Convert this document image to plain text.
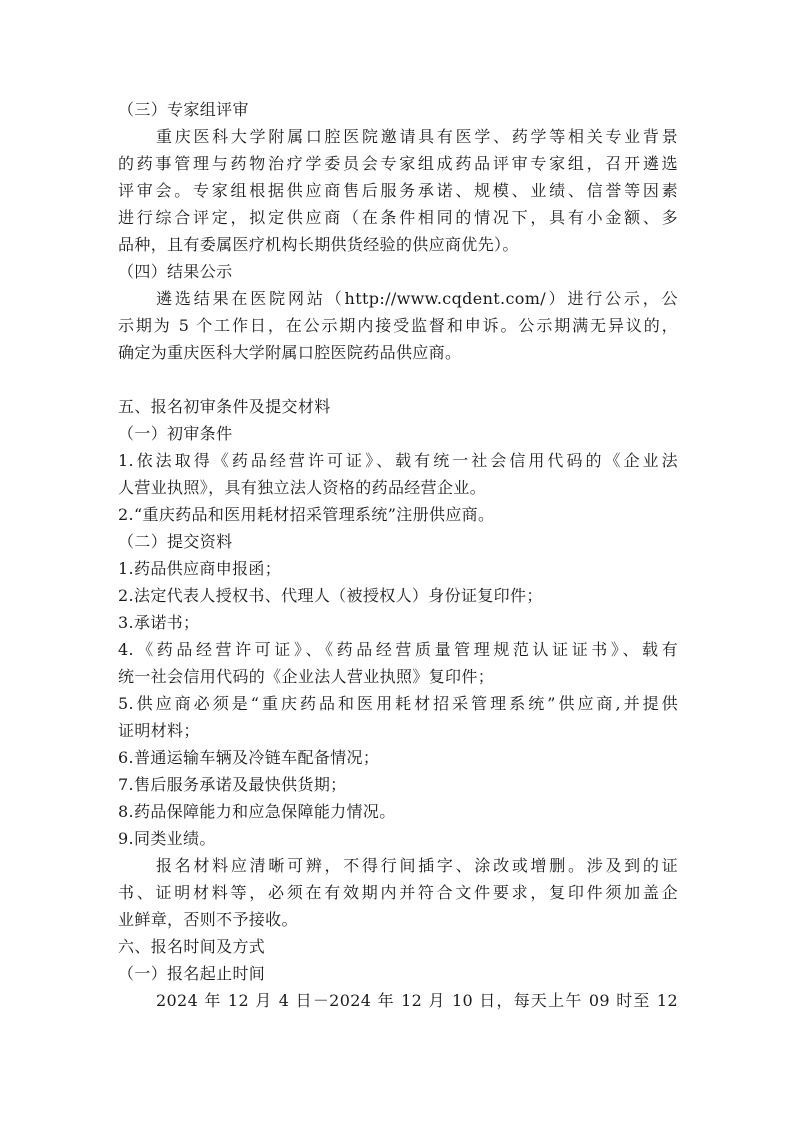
（三）专家组评审
重庆医科大学附属口腔医院邀请具有医学、药学等相关专业背景
的药事管理与药物治疗学委员会专家组成药品评审专家组，召开遴选
评审会。专家组根据供应商售后服务承诺、规模、业绩、信誉等因素
进行综合评定，拟定供应商（在条件相同的情况下，具有小金额、多
品种，且有委属医疗机构长期供货经验的供应商优先）。
（四）结果公示
遴选结果在医院网站（http://www.cqdent.com/）进行公示，公
示期为 5 个工作日，在公示期内接受监督和申诉。公示期满无异议的，
确定为重庆医科大学附属口腔医院药品供应商。
五、报名初审条件及提交材料
（一）初审条件
1.依法取得《药品经营许可证》、载有统一社会信用代码的《企业法
人营业执照》，具有独立法人资格的药品经营企业。
2.“重庆药品和医用耗材招采管理系统”注册供应商。
（二）提交资料
1.药品供应商申报函；
2.法定代表人授权书、代理人（被授权人）身份证复印件；
3.承诺书；
4.《药品经营许可证》、《药品经营质量管理规范认证证书》、载有
统一社会信用代码的《企业法人营业执照》复印件；
5.供应商必须是“重庆药品和医用耗材招采管理系统”供应商,并提供
证明材料；
6.普通运输车辆及冷链车配备情况；
7.售后服务承诺及最快供货期；
8.药品保障能力和应急保障能力情况。
9.同类业绩。
报名材料应清晰可辨，不得行间插字、涂改或增删。涉及到的证
书、证明材料等，必须在有效期内并符合文件要求，复印件须加盖企
业鲜章，否则不予接收。
六、报名时间及方式
（一）报名起止时间
2024 年 12 月 4 日－2024 年 12 月 10 日，每天上午 09 时至 12
